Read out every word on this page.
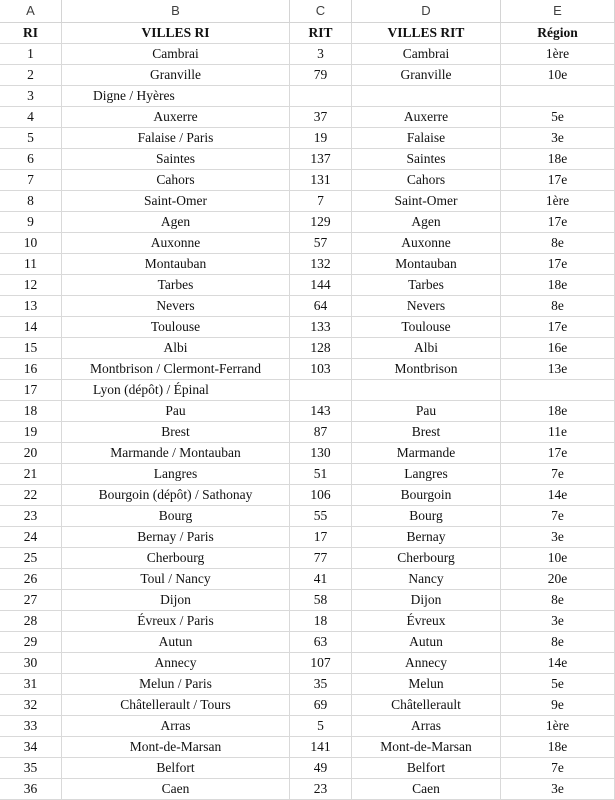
A	B	C	D	E
RI	VILLES RI	RIT	VILLES RIT	Région
1	Cambrai	3	Cambrai	1ère
2	Granville	79	Granville	10e
3	Digne / Hyères
4	Auxerre	37	Auxerre	5e
5	Falaise / Paris	19	Falaise	3e
6	Saintes	137	Saintes	18e
7	Cahors	131	Cahors	17e
8	Saint-Omer	7	Saint-Omer	1ère
9	Agen	129	Agen	17e
10	Auxonne	57	Auxonne	8e
11	Montauban	132	Montauban	17e
12	Tarbes	144	Tarbes	18e
13	Nevers	64	Nevers	8e
14	Toulouse	133	Toulouse	17e
15	Albi	128	Albi	16e
16	Montbrison / Clermont-Ferrand	103	Montbrison	13e
17	Lyon (dépôt) / Épinal
18	Pau	143	Pau	18e
19	Brest	87	Brest	11e
20	Marmande / Montauban	130	Marmande	17e
21	Langres	51	Langres	7e
22	Bourgoin (dépôt) / Sathonay	106	Bourgoin	14e
23	Bourg	55	Bourg	7e
24	Bernay / Paris	17	Bernay	3e
25	Cherbourg	77	Cherbourg	10e
26	Toul / Nancy	41	Nancy	20e
27	Dijon	58	Dijon	8e
28	Évreux / Paris	18	Évreux	3e
29	Autun	63	Autun	8e
30	Annecy	107	Annecy	14e
31	Melun / Paris	35	Melun	5e
32	Châtellerault / Tours	69	Châtellerault	9e
33	Arras	5	Arras	1ère
34	Mont-de-Marsan	141	Mont-de-Marsan	18e
35	Belfort	49	Belfort	7e
36	Caen	23	Caen	3e
